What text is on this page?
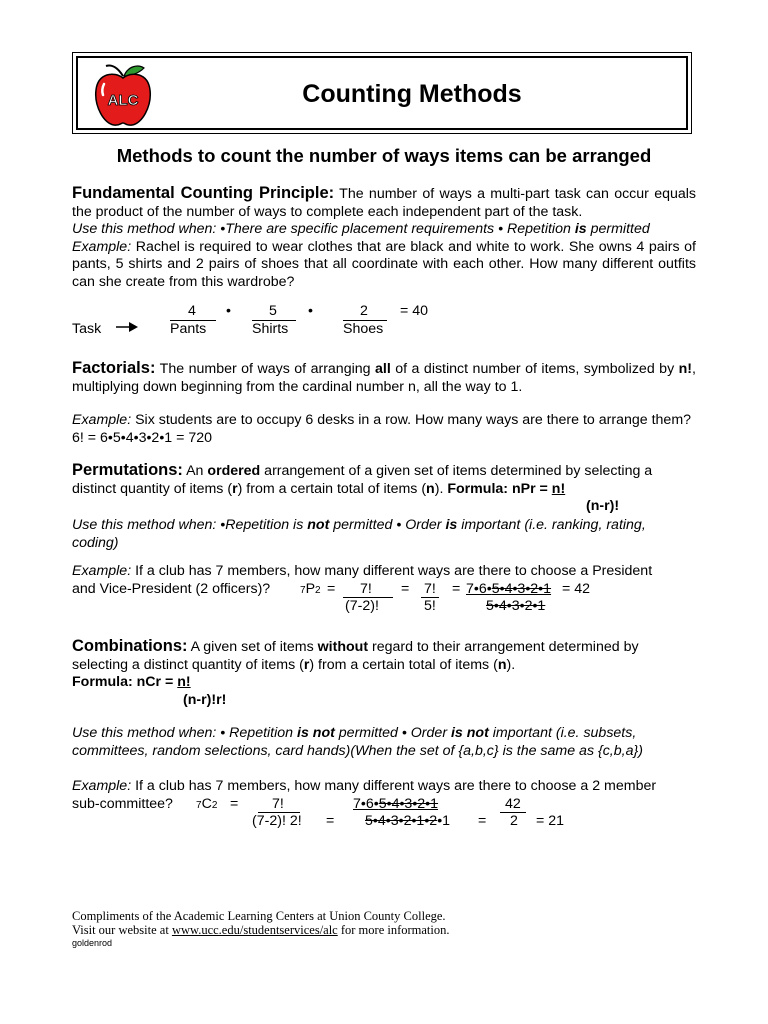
ALC	Counting Methods
Methods to count the number of ways items can be arranged

Fundamental Counting Principle: The number of ways a multi-part task can occur equals the product of the number of ways to complete each independent part of the task.

Use this method when: •There are specific placement requirements • Repetition is permitted

Example: Rachel is required to wear clothes that are black and white to work. She owns 4 pairs of pants, 5 shirts and 2 pairs of shoes that all coordinate with each other. How many different outfits can she create from this wardrobe?

4 •	5 •	2 = 40
Task	Pants	Shirts	Shoes

Factorials: The number of ways of arranging all of a distinct number of items, symbolized by n!, multiplying down beginning from the cardinal number n, all the way to 1.

Example: Six students are to occupy 6 desks in a row. How many ways are there to arrange them? 6! = 6•5•4•3•2•1 = 720

Permutations: An ordered arrangement of a given set of items determined by selecting a distinct quantity of items (r) from a certain total of items (n). Formula: nPr = n!

(n-r)!

Use this method when: •Repetition is not permitted • Order is important (i.e. ranking, rating, coding)

Example: If a club has 7 members, how many different ways are there to choose a President

and Vice-President (2 officers)?	7P2 = 7!
(7-2)!
= 7!
5!
= 7•6•5•4•3•2•1
5•4•3•2•1
= 42

Combinations: A given set of items without regard to their arrangement determined by selecting a distinct quantity of items (r) from a certain total of items (n).

Formula: nCr = n!
(n-r)!r!

Use this method when: • Repetition is not permitted • Order is not important (i.e. subsets, committees, random selections, card hands)(When the set of {a,b,c} is the same as {c,b,a})

Example: If a club has 7 members, how many different ways are there to choose a 2 member

sub-committee? 7C2 = 7!
(7-2)! 2! =
7•6•5•4•3•2•1
5•4•3•2•1•2•1 =
42
2 = 21
Compliments of the Academic Learning Centers at Union County College.
Visit our website at www.ucc.edu/studentservices/alc for more information.
goldenrod
